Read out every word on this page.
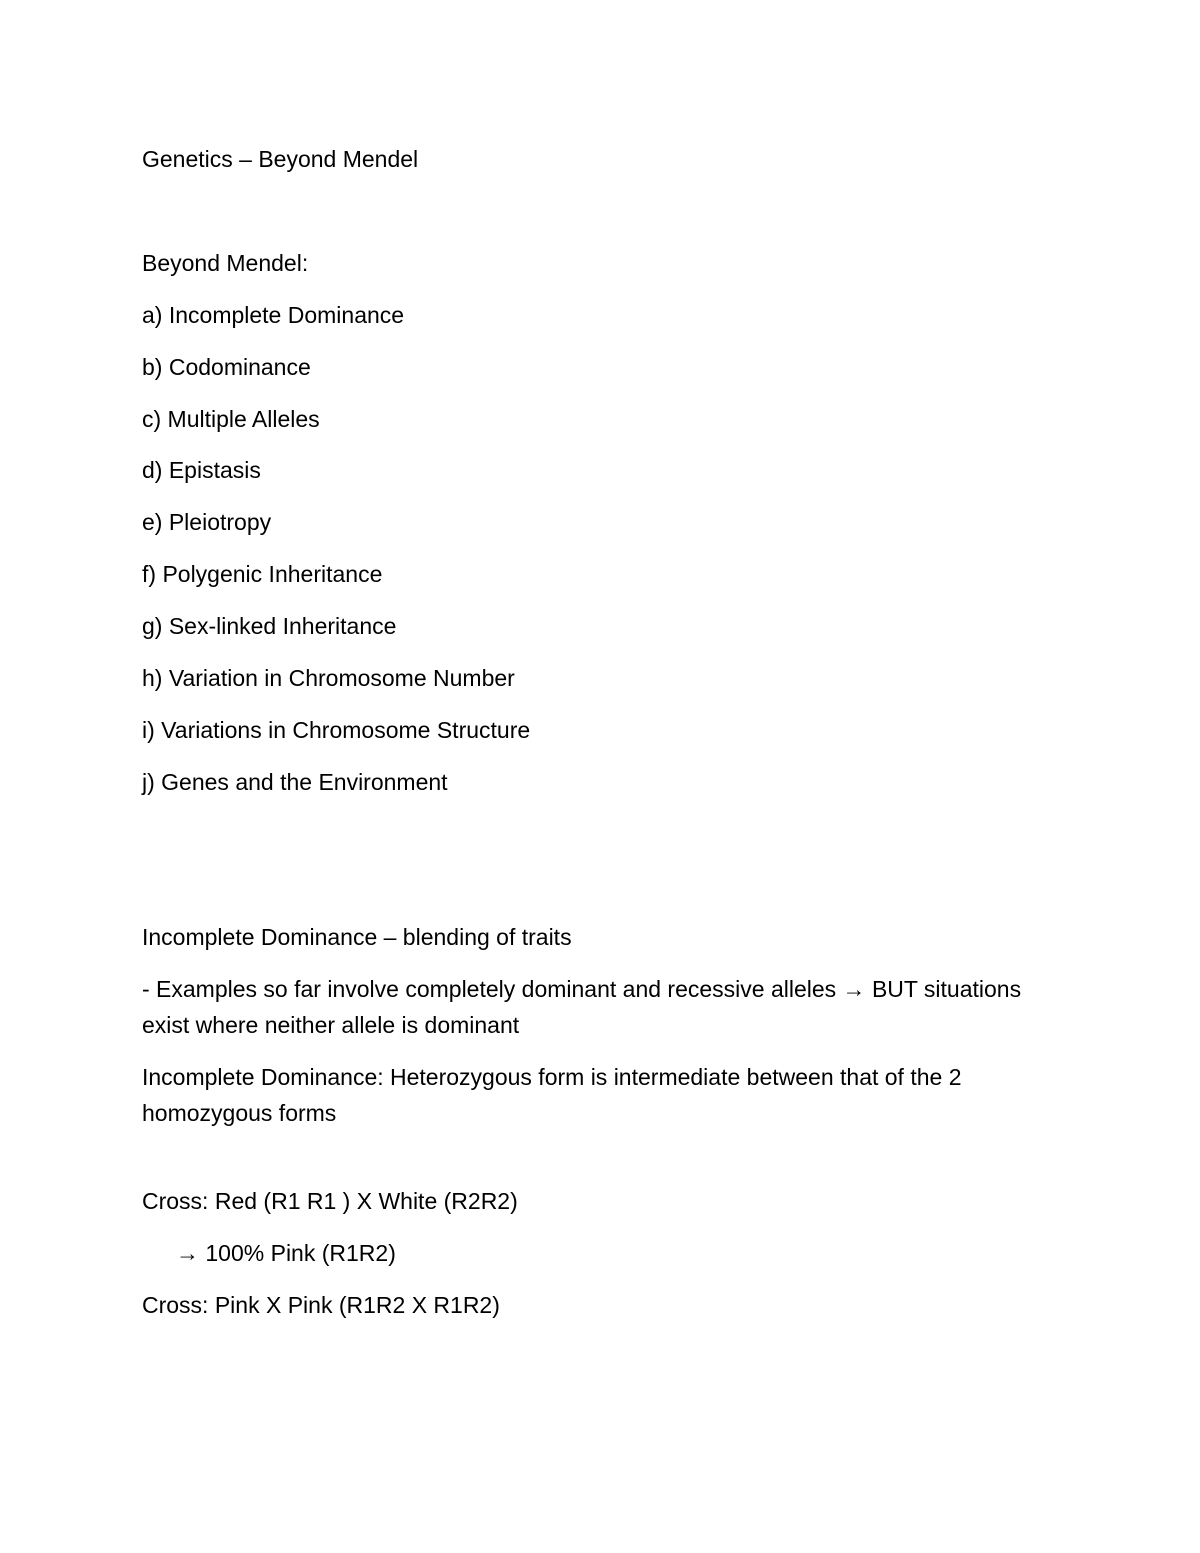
Genetics – Beyond Mendel
Beyond Mendel:
a) Incomplete Dominance
b) Codominance
c) Multiple Alleles
d) Epistasis
e) Pleiotropy
f) Polygenic Inheritance
g) Sex-linked Inheritance
h) Variation in Chromosome Number
i) Variations in Chromosome Structure
j) Genes and the Environment
Incomplete Dominance – blending of traits
- Examples so far involve completely dominant and recessive alleles → BUT situations exist where neither allele is dominant
Incomplete Dominance: Heterozygous form is intermediate between that of the 2 homozygous forms
Cross: Red (R1 R1 ) X White (R2R2)
→ 100% Pink (R1R2)
Cross: Pink X Pink (R1R2 X R1R2)
